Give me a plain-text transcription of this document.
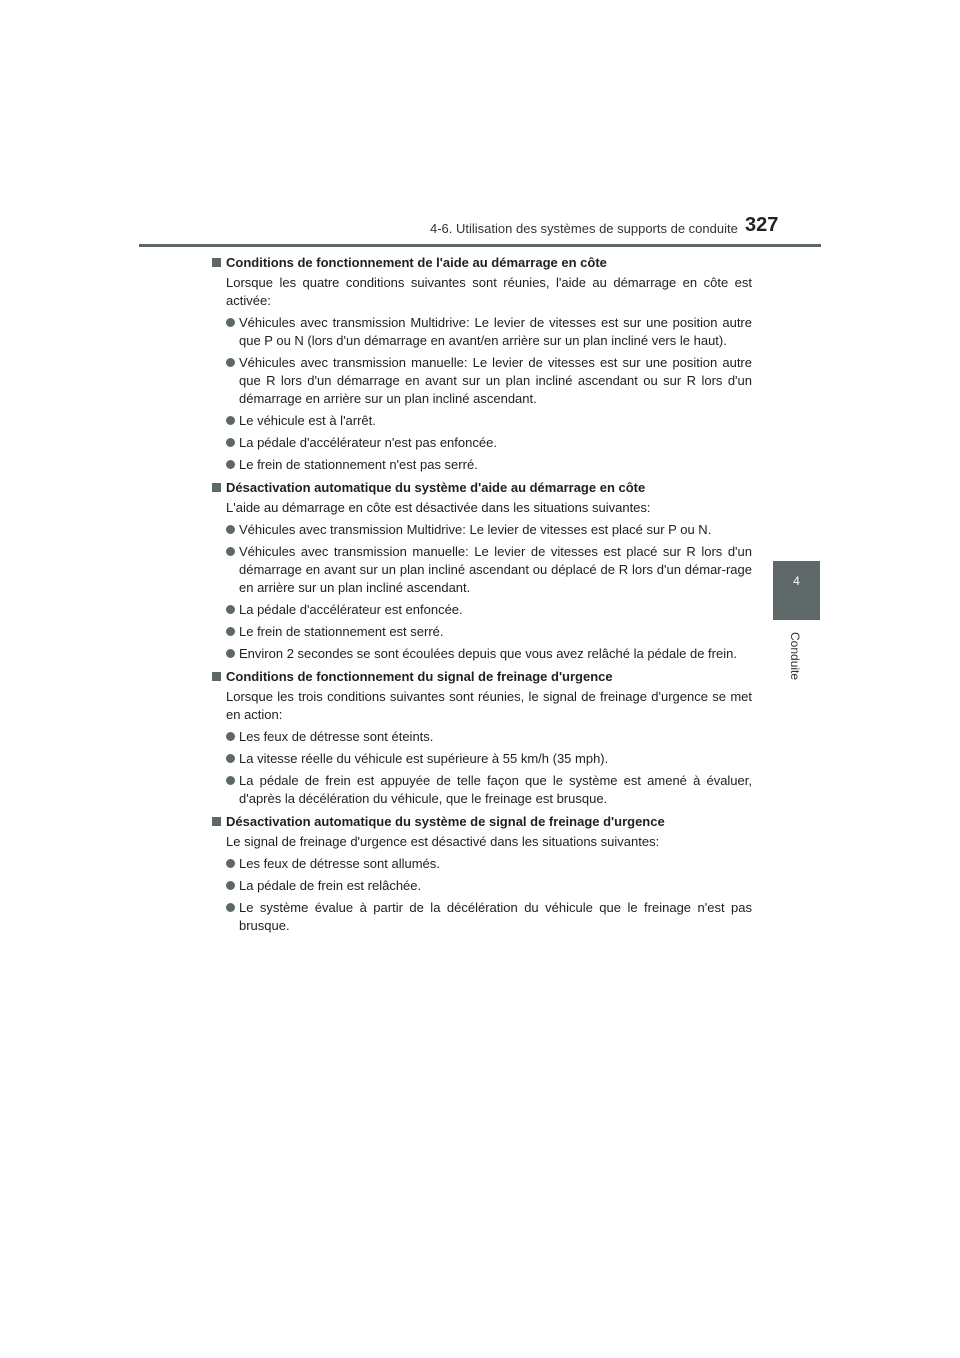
4-6. Utilisation des systèmes de supports de conduite 327
4
Conduite
Conditions de fonctionnement de l'aide au démarrage en côte
Lorsque les quatre conditions suivantes sont réunies, l'aide au démarrage en côte est activée:
Véhicules avec transmission Multidrive: Le levier de vitesses est sur une position autre que P ou N (lors d'un démarrage en avant/en arrière sur un plan incliné vers le haut).
Véhicules avec transmission manuelle: Le levier de vitesses est sur une position autre que R lors d'un démarrage en avant sur un plan incliné ascendant ou sur R lors d'un démarrage en arrière sur un plan incliné ascendant.
Le véhicule est à l'arrêt.
La pédale d'accélérateur n'est pas enfoncée.
Le frein de stationnement n'est pas serré.
Désactivation automatique du système d'aide au démarrage en côte
L'aide au démarrage en côte est désactivée dans les situations suivantes:
Véhicules avec transmission Multidrive: Le levier de vitesses est placé sur P ou N.
Véhicules avec transmission manuelle: Le levier de vitesses est placé sur R lors d'un démarrage en avant sur un plan incliné ascendant ou déplacé de R lors d'un démar-rage en arrière sur un plan incliné ascendant.
La pédale d'accélérateur est enfoncée.
Le frein de stationnement est serré.
Environ 2 secondes se sont écoulées depuis que vous avez relâché la pédale de frein.
Conditions de fonctionnement du signal de freinage d'urgence
Lorsque les trois conditions suivantes sont réunies, le signal de freinage d'urgence se met en action:
Les feux de détresse sont éteints.
La vitesse réelle du véhicule est supérieure à 55 km/h (35 mph).
La pédale de frein est appuyée de telle façon que le système est amené à évaluer, d'après la décélération du véhicule, que le freinage est brusque.
Désactivation automatique du système de signal de freinage d'urgence
Le signal de freinage d'urgence est désactivé dans les situations suivantes:
Les feux de détresse sont allumés.
La pédale de frein est relâchée.
Le système évalue à partir de la décélération du véhicule que le freinage n'est pas brusque.
